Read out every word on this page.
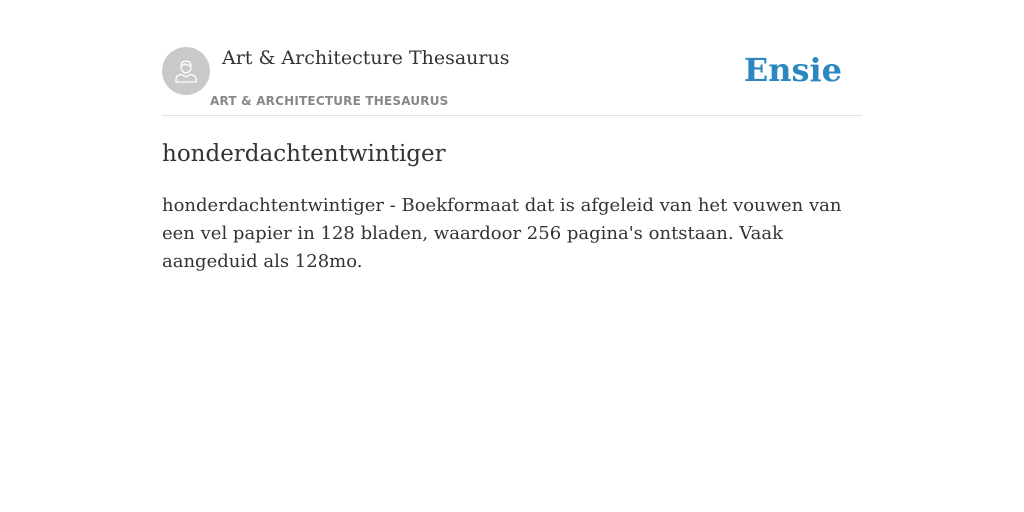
Art & Architecture Thesaurus
ART & ARCHITECTURE THESAURUS
Ensie
honderdachtentwintiger

honderdachtentwintiger - Boekformaat dat is afgeleid van het vouwen van een vel papier in 128 bladen, waardoor 256 pagina's ontstaan. Vaak aangeduid als 128mo.
